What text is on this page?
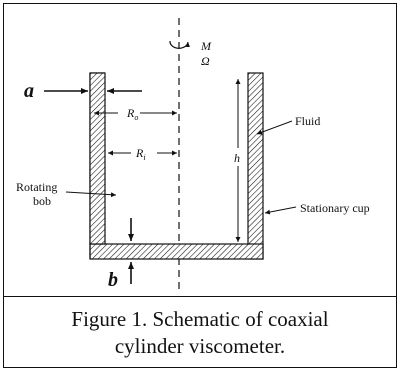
M
Ω
a
$R_o$
$R_i$	h
Fluid
Rotating
bob	Stationary cup
b

Figure 1. Schematic of coaxial
cylinder viscometer.
